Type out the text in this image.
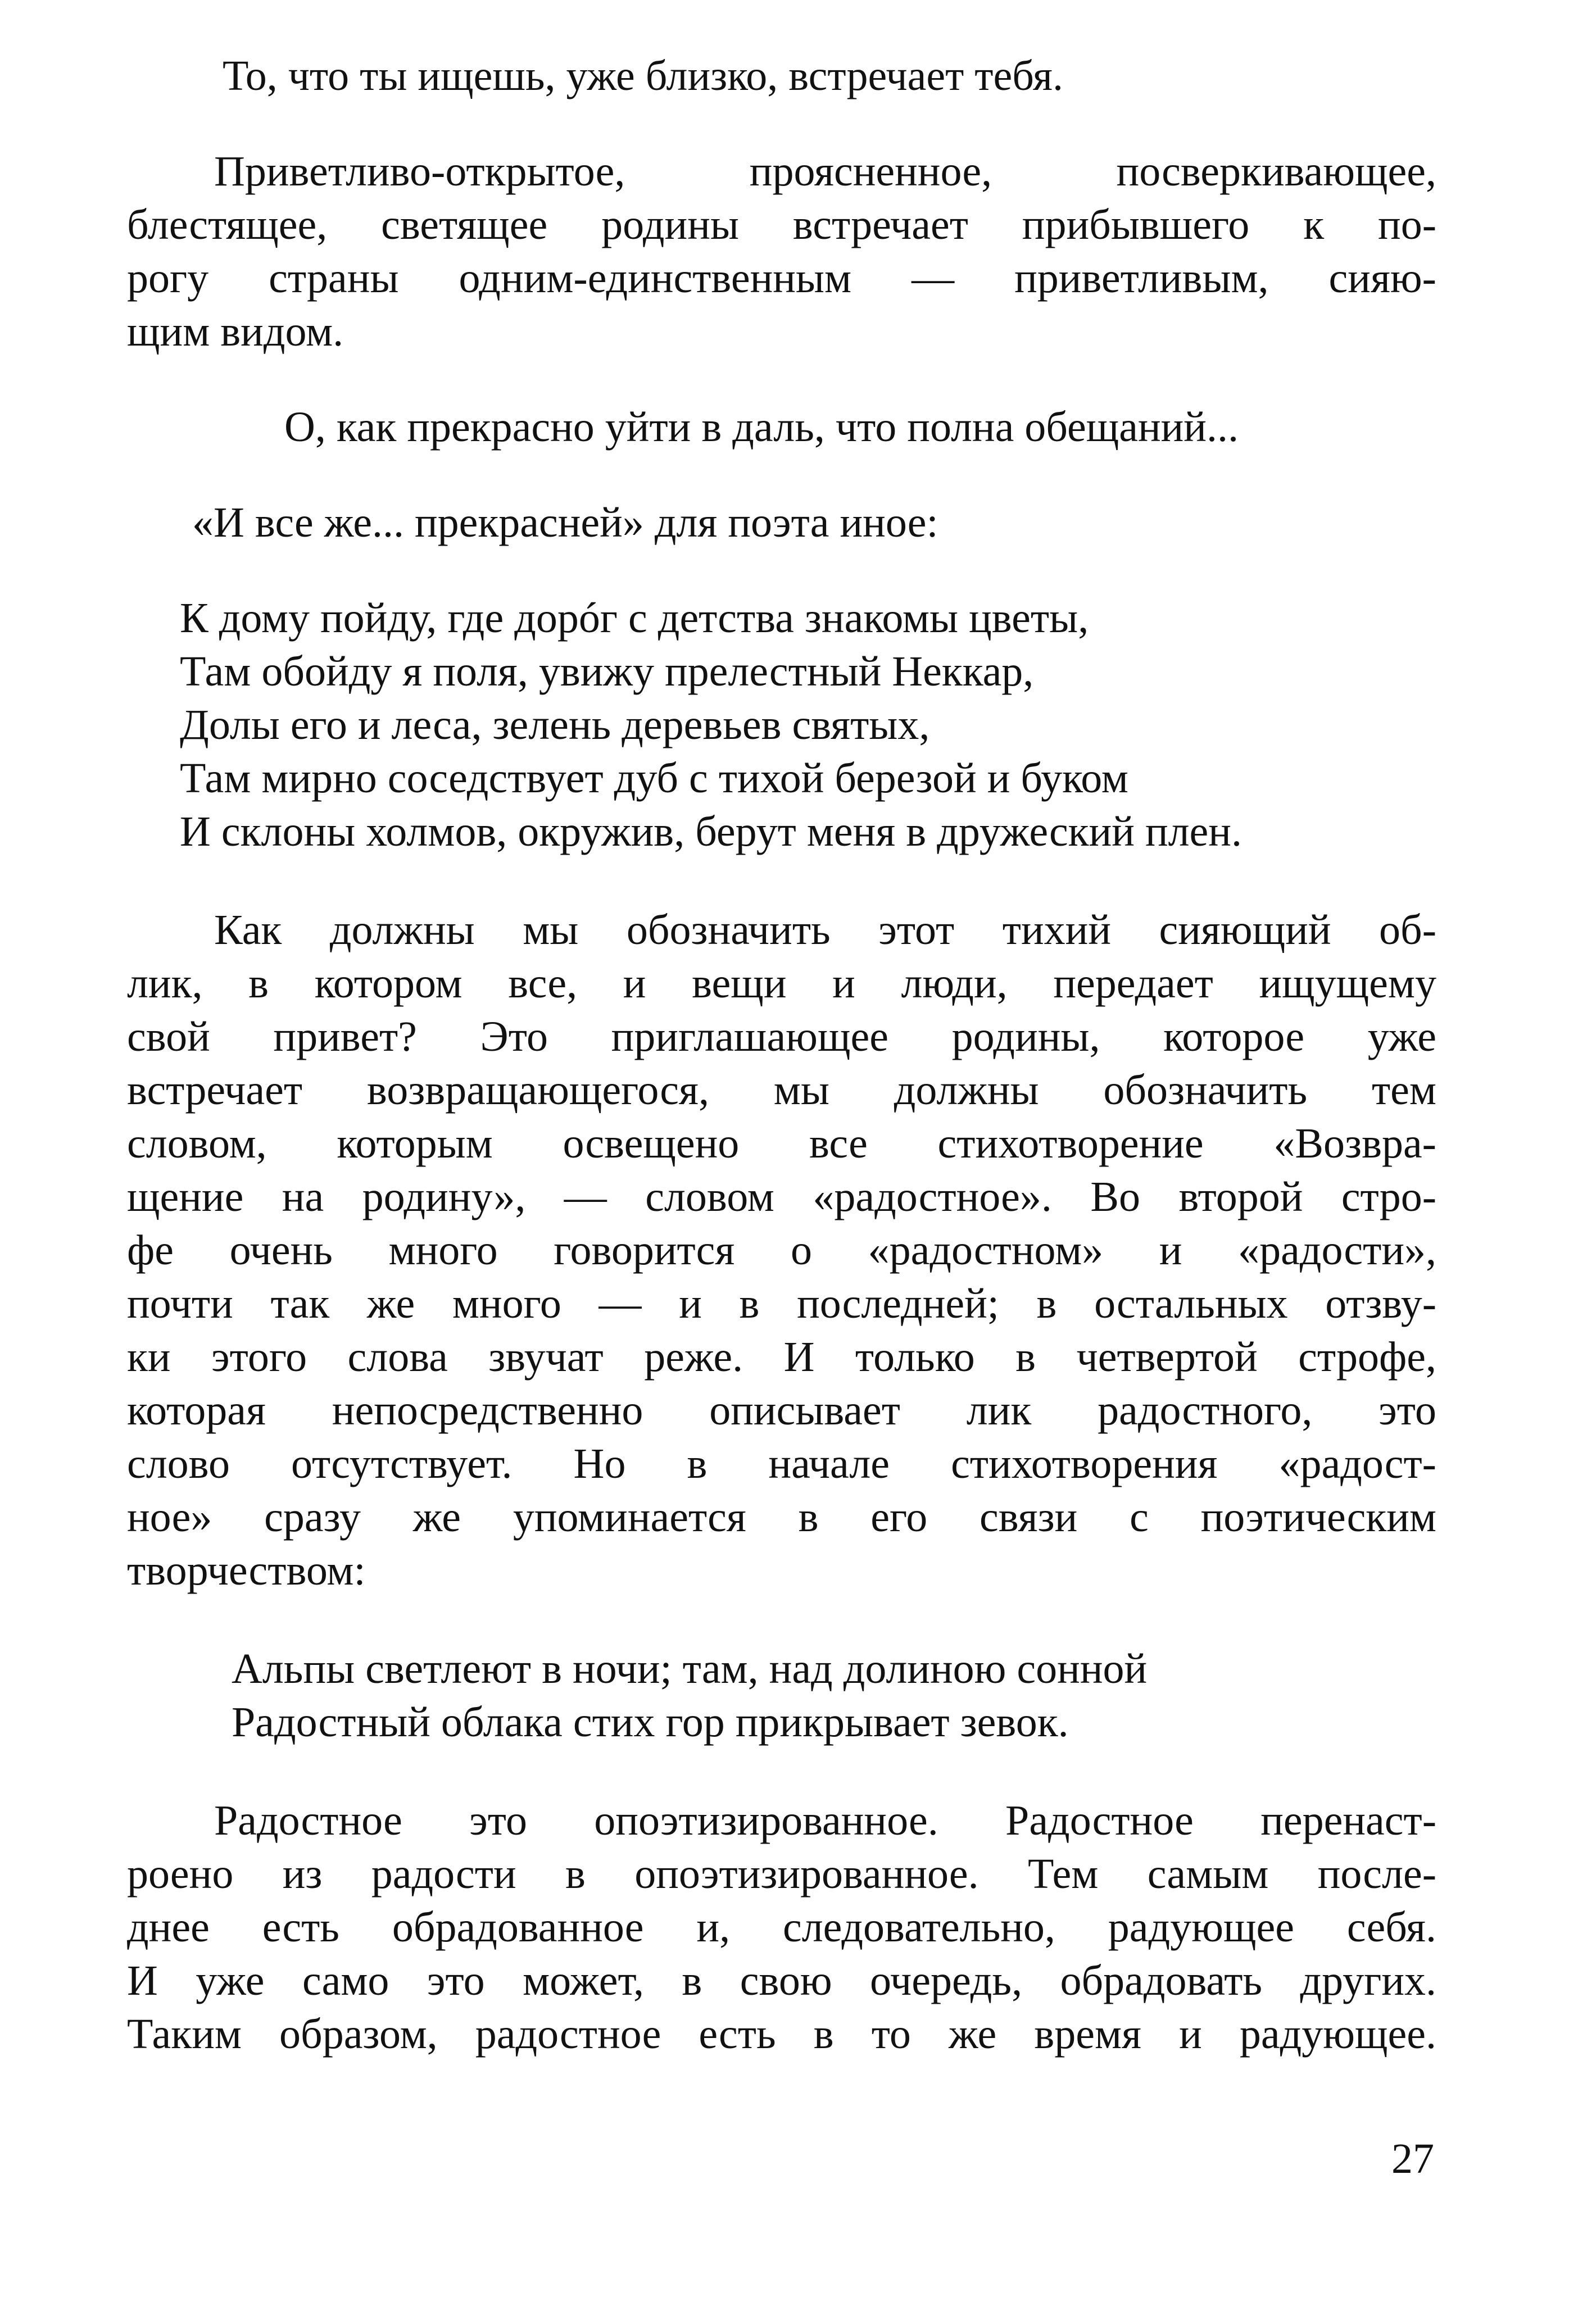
То, что ты ищешь, уже близко, встречает тебя.
Приветливо-открытое, проясненное, посверкивающее,
блестящее, светящее родины встречает прибывшего к по-
рогу страны одним-единственным — приветливым, сияю-
щим видом.
О, как прекрасно уйти в даль, что полна обещаний...
«И все же... прекрасней» для поэта иное:
К дому пойду, где дорóг с детства знакомы цветы,
Там обойду я поля, увижу прелестный Неккар,
Долы его и леса, зелень деревьев святых,
Там мирно соседствует дуб с тихой березой и буком
И склоны холмов, окружив, берут меня в дружеский плен.
Как должны мы обозначить этот тихий сияющий об-
лик, в котором все, и вещи и люди, передает ищущему
свой привет? Это приглашающее родины, которое уже
встречает возвращающегося, мы должны обозначить тем
словом, которым освещено все стихотворение «Возвра-
щение на родину», — словом «радостное». Во второй стро-
фе очень много говорится о «радостном» и «радости»,
почти так же много — и в последней; в остальных отзву-
ки этого слова звучат реже. И только в четвертой строфе,
которая непосредственно описывает лик радостного, это
слово отсутствует. Но в начале стихотворения «радост-
ное» сразу же упоминается в его связи с поэтическим
творчеством:
Альпы светлеют в ночи; там, над долиною сонной
Радостный облака стих гор прикрывает зевок.
Радостное это опоэтизированное. Радостное перенаст-
роено из радости в опоэтизированное. Тем самым после-
днее есть обрадованное и, следовательно, радующее себя.
И уже само это может, в свою очередь, обрадовать других.
Таким образом, радостное есть в то же время и радующее.
27
